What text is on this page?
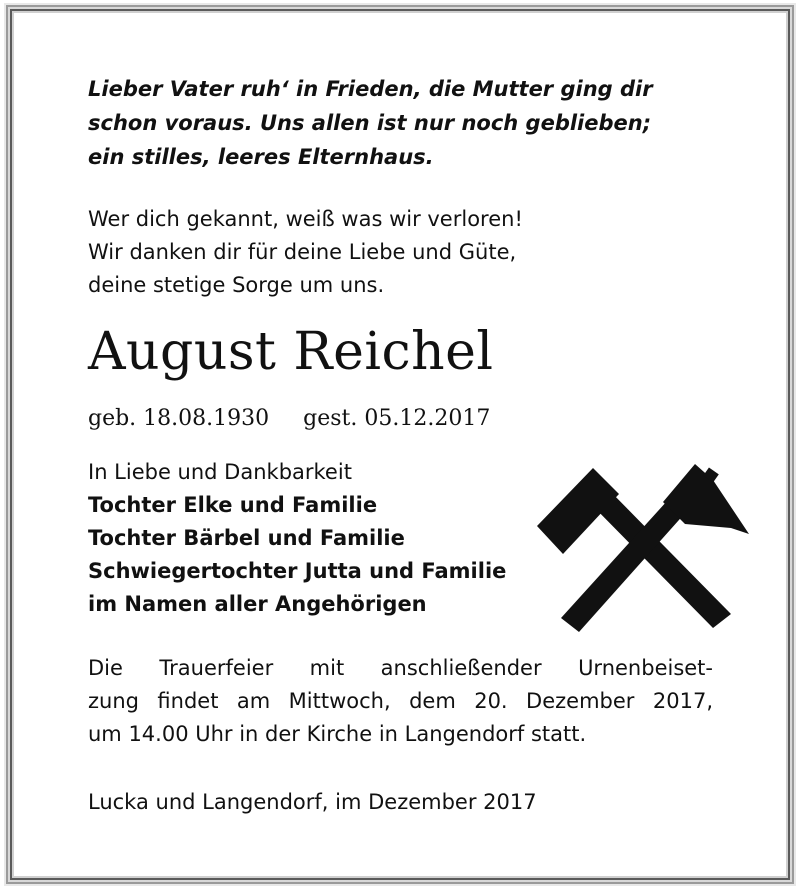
Lieber Vater ruh‘ in Frieden, die Mutter ging dir
schon voraus. Uns allen ist nur noch geblieben;
ein stilles, leeres Elternhaus.
Wer dich gekannt, weiß was wir verloren!
Wir danken dir für deine Liebe und Güte,
deine stetige Sorge um uns.
August Reichel
geb. 18.08.1930 gest. 05.12.2017
In Liebe und Dankbarkeit
Tochter Elke und Familie
Tochter Bärbel und Familie
Schwiegertochter Jutta und Familie
im Namen aller Angehörigen
Die Trauerfeier mit anschließender Urnenbeiset-
zung findet am Mittwoch, dem 20. Dezember 2017,
um 14.00 Uhr in der Kirche in Langendorf statt.
Lucka und Langendorf, im Dezember 2017
